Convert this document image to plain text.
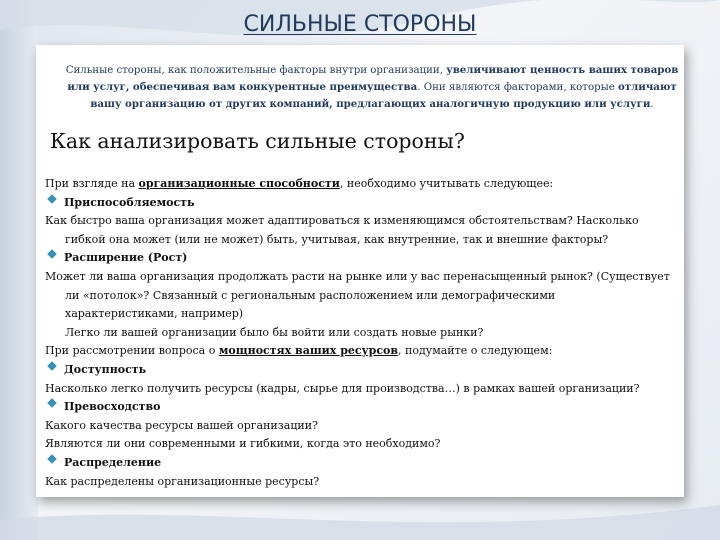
СИЛЬНЫЕ СТОРОНЫ
Сильные стороны, как положительные факторы внутри организации, увеличивают ценность ваших товаров или услуг, обеспечивая вам конкурентные преимущества. Они являются факторами, которые отличают вашу организацию от других компаний, предлагающих аналогичную продукцию или услуги.
Как анализировать сильные стороны?
При взгляде на организационные способности, необходимо учитывать следующее:
Приспособляемость
Как быстро ваша организация может адаптироваться к изменяющимся обстоятельствам? Насколько
гибкой она может (или не может) быть, учитывая, как внутренние, так и внешние факторы?
Расширение (Рост)
Может ли ваша организация продолжать расти на рынке или у вас перенасыщенный рынок? (Существует
ли «потолок»? Связанный с региональным расположением или демографическими
характеристиками, например)
Легко ли вашей организации было бы войти или создать новые рынки?
При рассмотрении вопроса о мощностях ваших ресурсов, подумайте о следующем:
Доступность
Насколько легко получить ресурсы (кадры, сырье для производства…) в рамках вашей организации?
Превосходство
Какого качества ресурсы вашей организации?
Являются ли они современными и гибкими, когда это необходимо?
Распределение
Как распределены организационные ресурсы?
